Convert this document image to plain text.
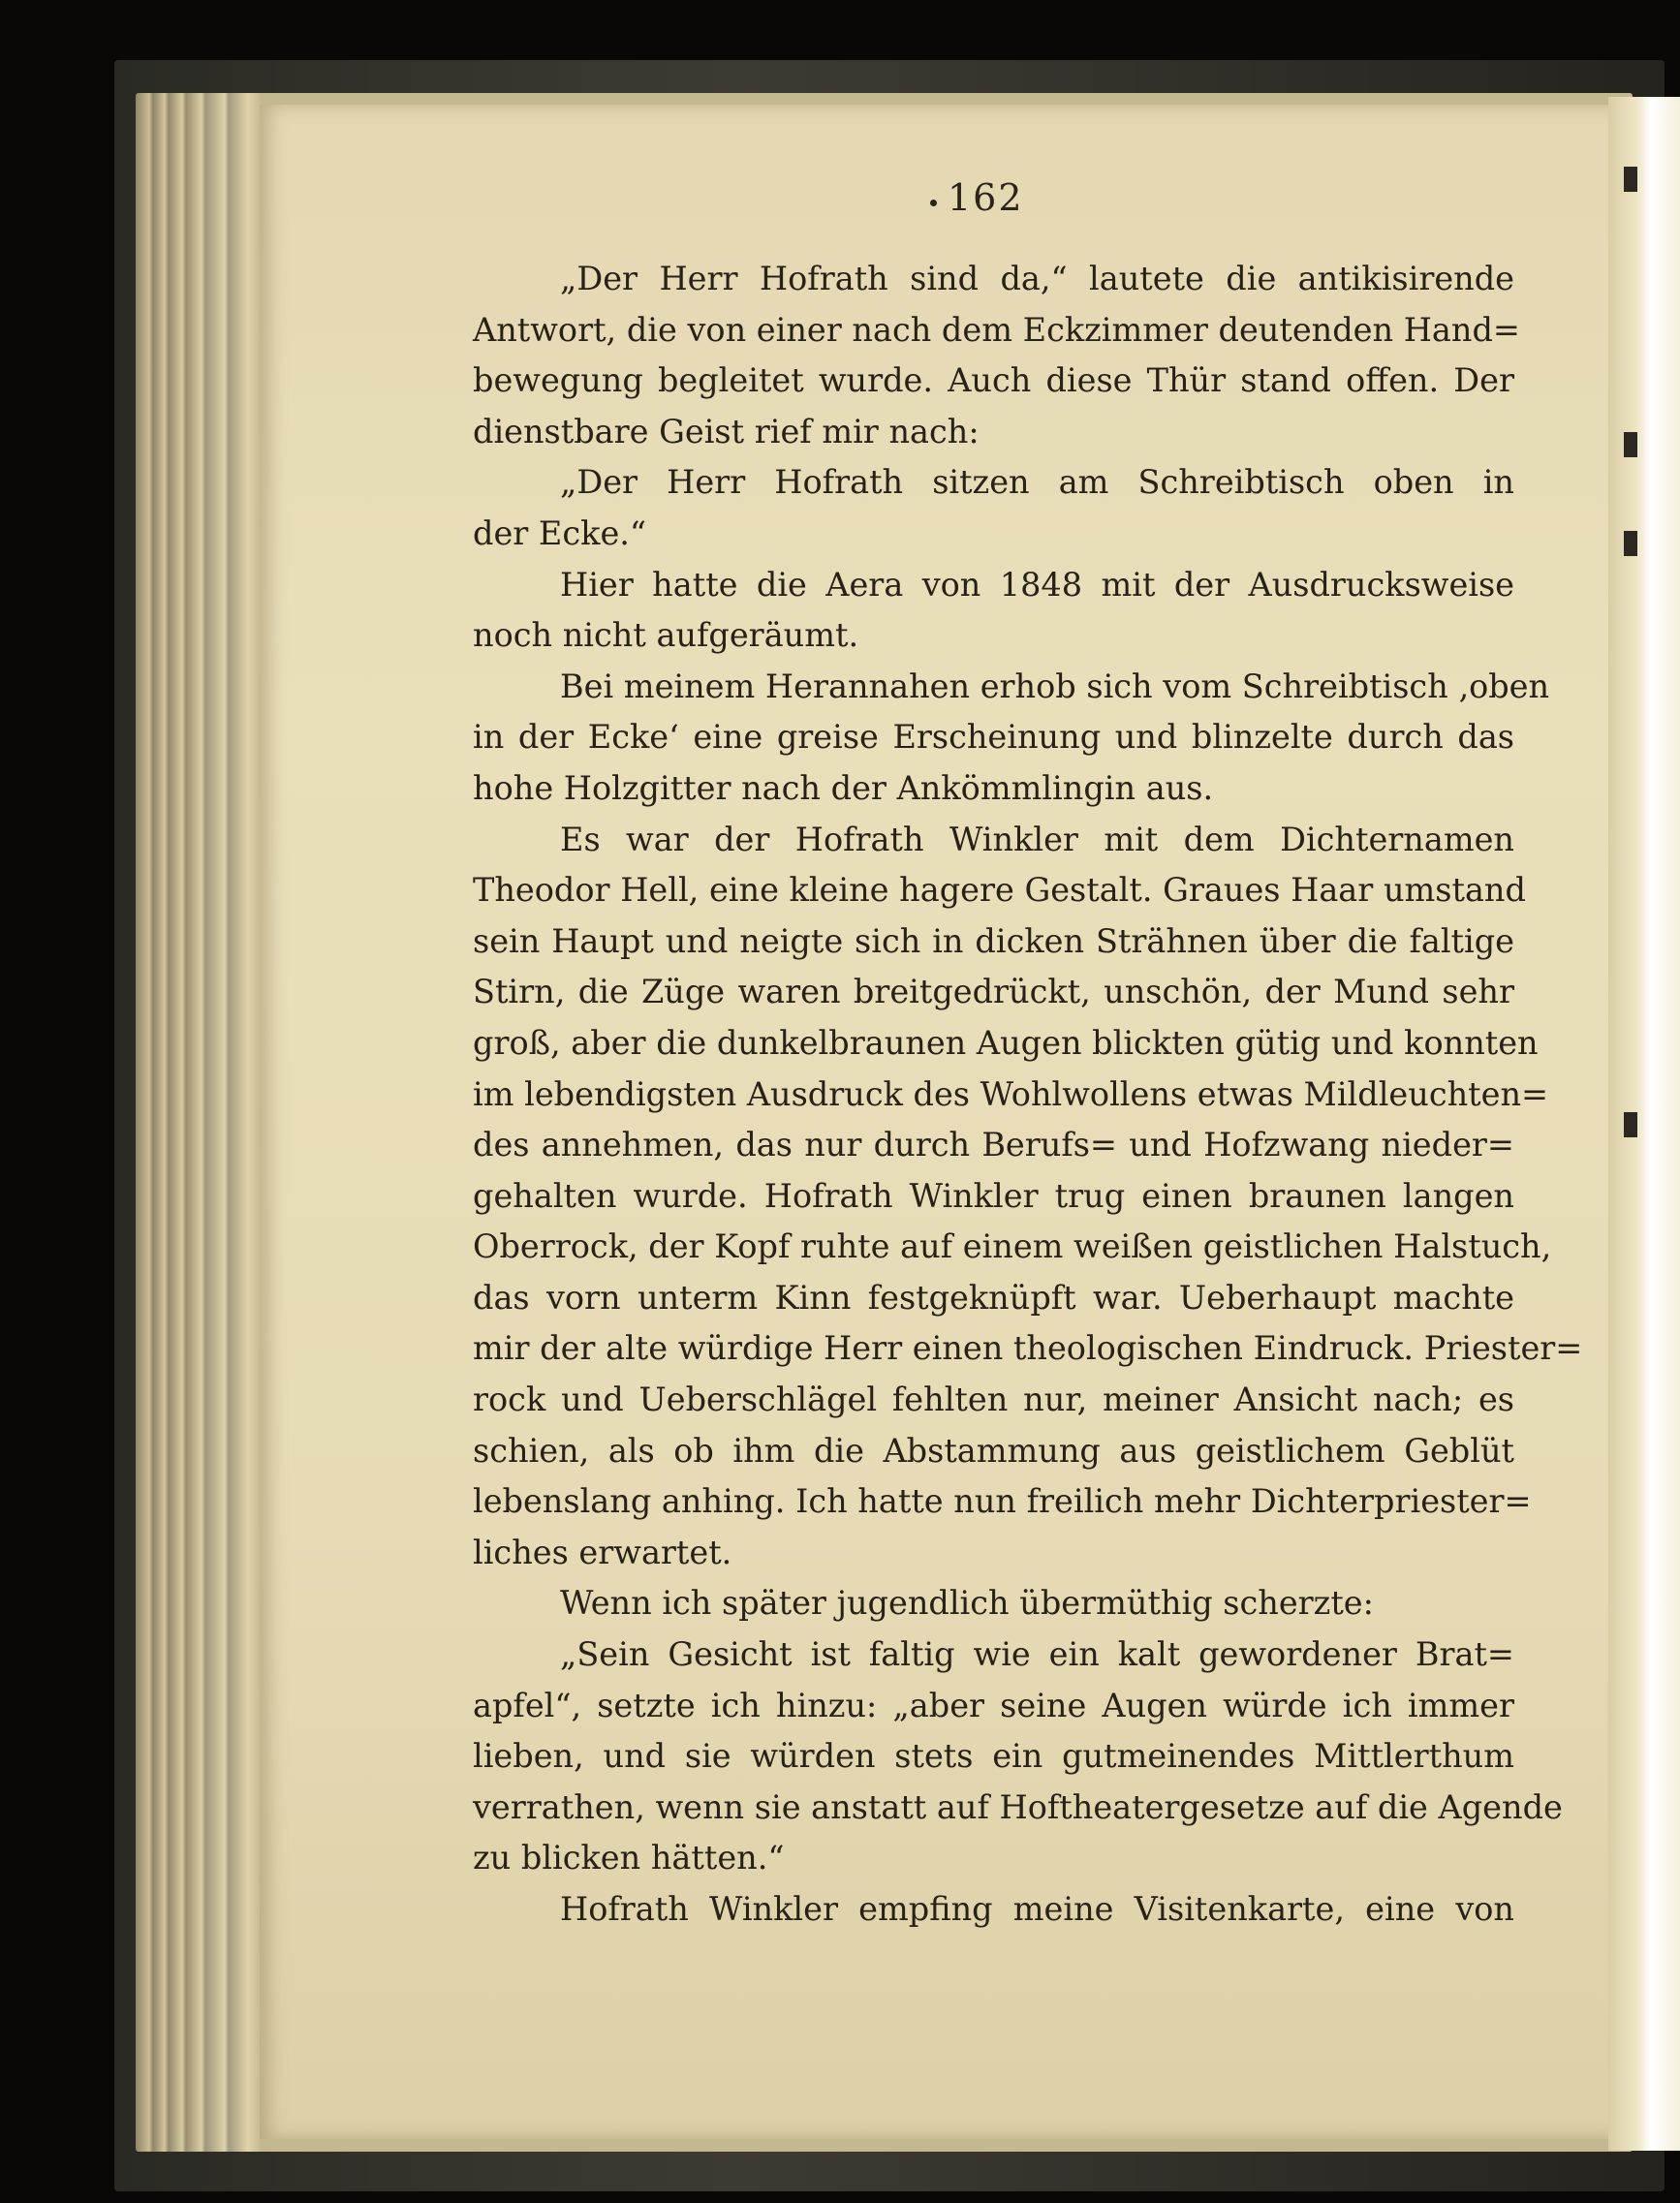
162
„Der Herr Hofrath sind da,“ lautete die antikisirende
Antwort, die von einer nach dem Eckzimmer deutenden Hand=
bewegung begleitet wurde. Auch diese Thür stand offen. Der
dienstbare Geist rief mir nach:
„Der Herr Hofrath sitzen am Schreibtisch oben in
der Ecke.“
Hier hatte die Aera von 1848 mit der Ausdrucksweise
noch nicht aufgeräumt.
Bei meinem Herannahen erhob sich vom Schreibtisch ‚oben
in der Ecke‘ eine greise Erscheinung und blinzelte durch das
hohe Holzgitter nach der Ankömmlingin aus.
Es war der Hofrath Winkler mit dem Dichternamen
Theodor Hell, eine kleine hagere Gestalt. Graues Haar umstand
sein Haupt und neigte sich in dicken Strähnen über die faltige
Stirn, die Züge waren breitgedrückt, unschön, der Mund sehr
groß, aber die dunkelbraunen Augen blickten gütig und konnten
im lebendigsten Ausdruck des Wohlwollens etwas Mildleuchten=
des annehmen, das nur durch Berufs= und Hofzwang nieder=
gehalten wurde. Hofrath Winkler trug einen braunen langen
Oberrock, der Kopf ruhte auf einem weißen geistlichen Halstuch,
das vorn unterm Kinn festgeknüpft war. Ueberhaupt machte
mir der alte würdige Herr einen theologischen Eindruck. Priester=
rock und Ueberschlägel fehlten nur, meiner Ansicht nach; es
schien, als ob ihm die Abstammung aus geistlichem Geblüt
lebenslang anhing. Ich hatte nun freilich mehr Dichterpriester=
liches erwartet.
Wenn ich später jugendlich übermüthig scherzte:
„Sein Gesicht ist faltig wie ein kalt gewordener Brat=
apfel“, setzte ich hinzu: „aber seine Augen würde ich immer
lieben, und sie würden stets ein gutmeinendes Mittlerthum
verrathen, wenn sie anstatt auf Hoftheatergesetze auf die Agende
zu blicken hätten.“
Hofrath Winkler empfing meine Visitenkarte, eine von
